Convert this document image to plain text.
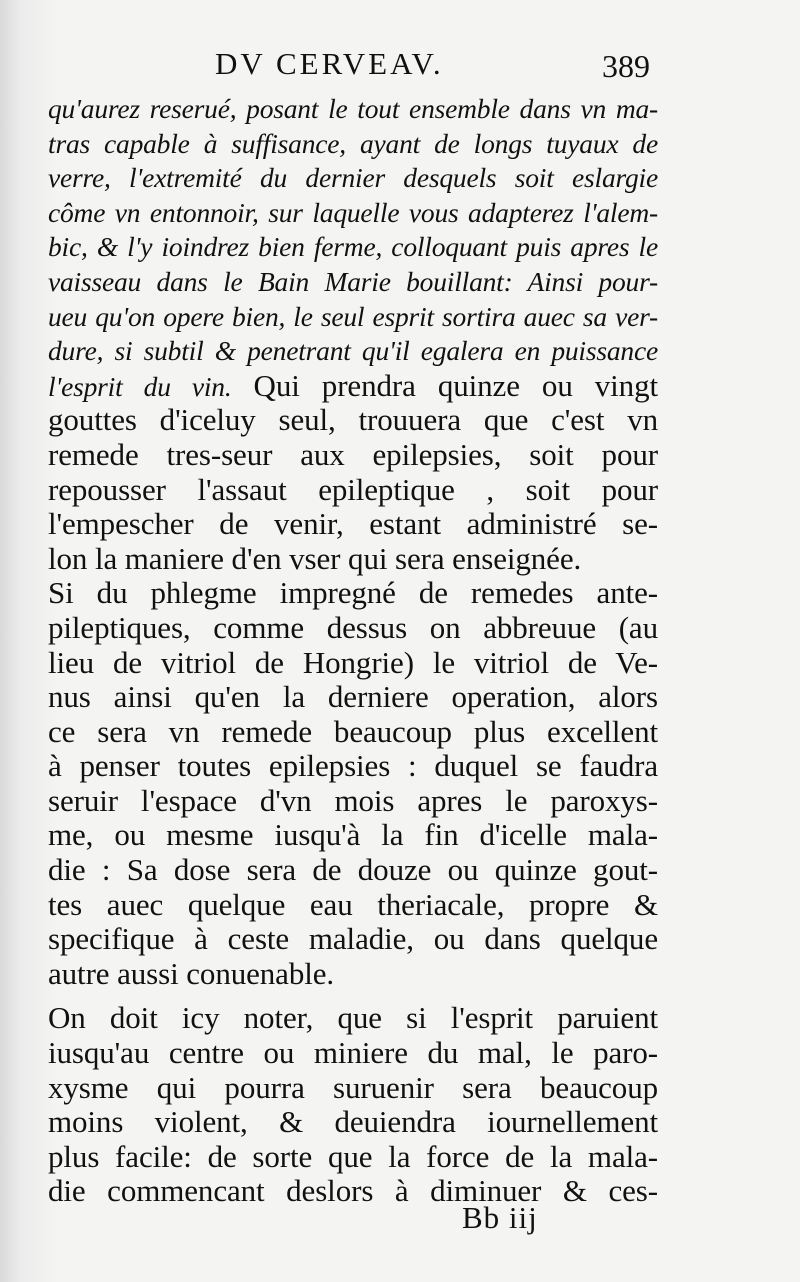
DV CERVEAV.	389
qu'aurez reserué, posant le tout ensemble dans vn ma-
tras capable à suffisance, ayant de longs tuyaux de
verre, l'extremité du dernier desquels soit eslargie
côme vn entonnoir, sur laquelle vous adapterez l'alem-
bic, & l'y ioindrez bien ferme, colloquant puis apres le
vaisseau dans le Bain Marie bouillant: Ainsi pour-
ueu qu'on opere bien, le seul esprit sortira auec sa ver-
dure, si subtil & penetrant qu'il egalera en puissance
l'esprit du vin. Qui prendra quinze ou vingt
gouttes d'iceluy seul, trouuera que c'est vn
remede tres-seur aux epilepsies, soit pour
repousser l'assaut epileptique , soit pour
l'empescher de venir, estant administré se-
lon la maniere d'en vser qui sera enseignée.
Si du phlegme impregné de remedes ante-
pileptiques, comme dessus on abbreuue (au
lieu de vitriol de Hongrie) le vitriol de Ve-
nus ainsi qu'en la derniere operation, alors
ce sera vn remede beaucoup plus excellent
à penser toutes epilepsies : duquel se faudra
seruir l'espace d'vn mois apres le paroxys-
me, ou mesme iusqu'à la fin d'icelle mala-
die : Sa dose sera de douze ou quinze gout-
tes auec quelque eau theriacale, propre &
specifique à ceste maladie, ou dans quelque
autre aussi conuenable.
On doit icy noter, que si l'esprit paruient
iusqu'au centre ou miniere du mal, le paro-
xysme qui pourra suruenir sera beaucoup
moins violent, & deuiendra iournellement
plus facile: de sorte que la force de la mala-
die commencant deslors à diminuer & ces-
Bb iij
